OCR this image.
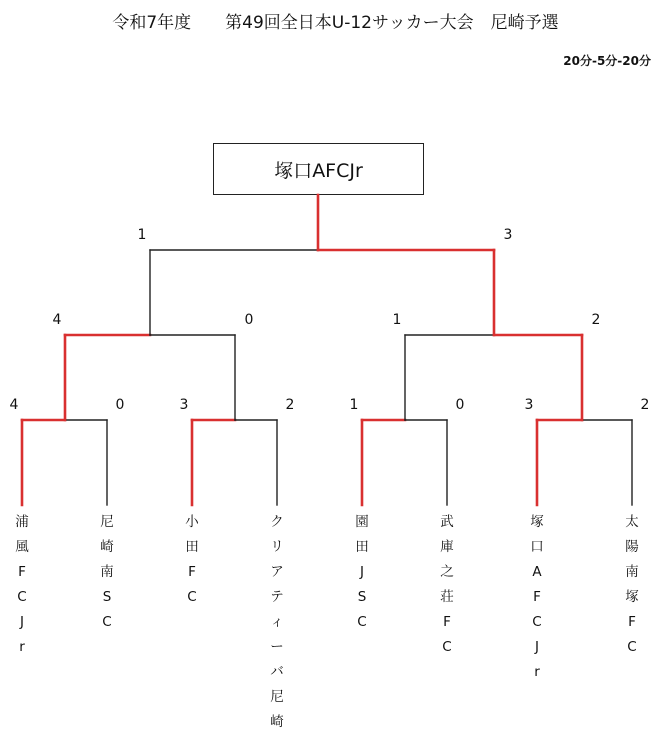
令和7年度　　第49回全日本U-12サッカー大会　尼崎予選
20分-5分-20分
塚口AFCJr
4	0	3	2	1	0	3	2
4	0	1	2
1	3
浦
風
F
C
J
r
尼
崎
南
S
C
小
田
F
C
ク
リ
ア
テ
ィ
ー
バ
尼
崎
園
田
J
S
C
武
庫
之
荘
F
C
塚
口
A
F
C
J
r
太
陽
南
塚
F
C
